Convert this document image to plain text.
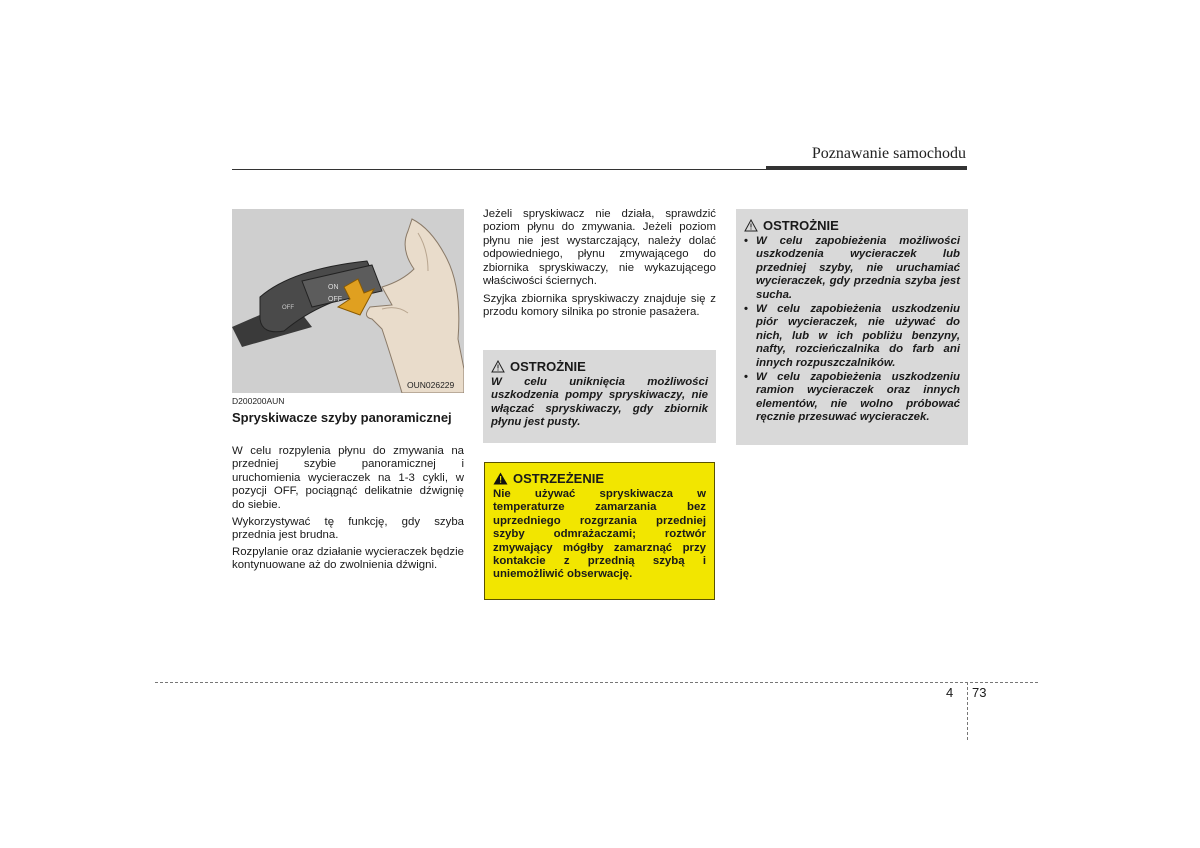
Poznawanie samochodu
ON
OFF
OFF
OUN026229
D200200AUN
Spryskiwacze szyby panoramicznej
W celu rozpylenia płynu do zmywania na przedniej szybie panoramicznej i uruchomienia wycieraczek na 1-3 cykli, w pozycji OFF, pociągnąć delikatnie dźwignię do siebie.
Wykorzystywać tę funkcję, gdy szyba przednia jest brudna.
Rozpylanie oraz działanie wycieraczek będzie kontynuowane aż do zwolnienia dźwigni.
Jeżeli spryskiwacz nie działa, sprawdzić poziom płynu do zmywania. Jeżeli poziom płynu nie jest wystarczający, należy dolać odpowiedniego, płynu zmywającego do zbiornika spryskiwaczy, nie wykazującego właściwości ściernych.
Szyjka zbiornika spryskiwaczy znajduje się z przodu komory silnika po stronie pasażera.
OSTROŻNIE
W celu uniknięcia możliwości uszkodzenia pompy spryskiwaczy, nie włączać spryskiwaczy, gdy zbiornik płynu jest pusty.
OSTRZEŻENIE
Nie używać spryskiwacza w temperaturze zamarzania bez uprzedniego rozgrzania przedniej szyby odmrażaczami; roztwór zmywający mógłby zamarznąć przy kontakcie z przednią szybą i uniemożliwić obserwację.
OSTROŻNIE
• W celu zapobieżenia możliwości uszkodzenia wycieraczek lub przedniej szyby, nie uruchamiać wycieraczek, gdy przednia szyba jest sucha.
• W celu zapobieżenia uszkodzeniu piór wycieraczek, nie używać do nich, lub w ich pobliżu benzyny, nafty, rozcieńczalnika do farb ani innych rozpuszczalników.
• W celu zapobieżenia uszkodzeniu ramion wycieraczek oraz innych elementów, nie wolno próbować ręcznie przesuwać wycieraczek.
4 73
